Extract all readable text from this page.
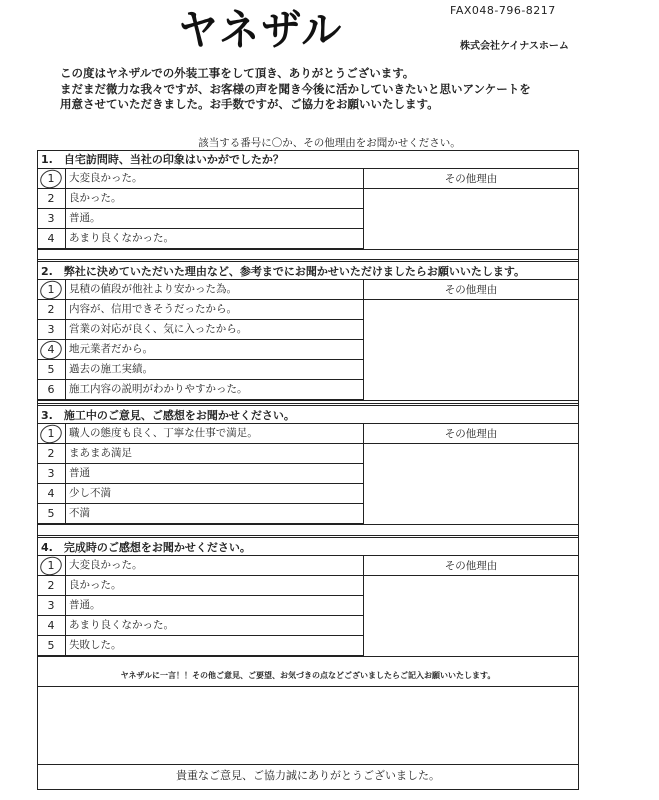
ヤネザル	FAX048-796-8217
株式会社ケイナスホーム
この度はヤネザルでの外装工事をして頂き、ありがとうございます。
まだまだ微力な我々ですが、お客様の声を聞き今後に活かしていきたいと思いアンケートを
用意させていただきました。お手数ですが、ご協力をお願いいたします。
該当する番号に〇か、その他理由をお聞かせください。
1.　自宅訪問時、当社の印象はいかがでしたか？
1	大変良かった。
2	良かった。
3	普通。
4	あまり良くなかった。
その他理由
2.　弊社に決めていただいた理由など、参考までにお聞かせいただけましたらお願いいたします。
1	見積の値段が他社より安かった為。
2	内容が、信用できそうだったから。
3	営業の対応が良く、気に入ったから。
4	地元業者だから。
5	過去の施工実績。
6	施工内容の説明がわかりやすかった。
その他理由
3.　施工中のご意見、ご感想をお聞かせください。
1	職人の態度も良く、丁寧な仕事で満足。
2	まあまあ満足
3	普通
4	少し不満
5	不満
その他理由
4.　完成時のご感想をお聞かせください。
1	大変良かった。
2	良かった。
3	普通。
4	あまり良くなかった。
5	失敗した。
その他理由
ヤネザルに一言！！その他ご意見、ご要望、お気づきの点などございましたらご記入お願いいたします。
貴重なご意見、ご協力誠にありがとうございました。
